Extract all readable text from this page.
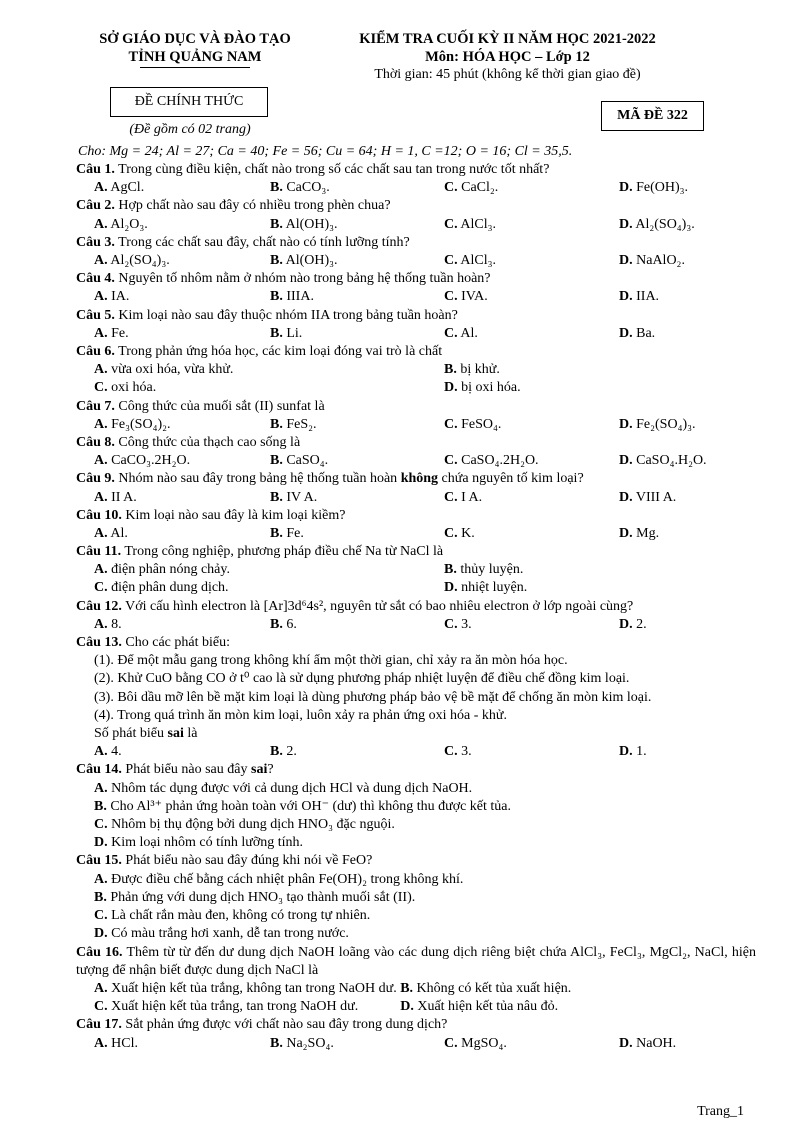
SỞ GIÁO DỤC VÀ ĐÀO TẠO
TỈNH QUẢNG NAM
ĐỀ CHÍNH THỨC
(Đề gồm có 02 trang)
KIỂM TRA CUỐI KỲ II NĂM HỌC 2021-2022
Môn: HÓA HỌC – Lớp 12
Thời gian: 45 phút (không kể thời gian giao đề)
MÃ ĐỀ 322
Cho: Mg = 24; Al = 27; Ca = 40; Fe = 56; Cu = 64; H = 1, C =12; O = 16; Cl = 35,5.
Câu 1. Trong cùng điều kiện, chất nào trong số các chất sau tan trong nước tốt nhất?
A. AgCl.	B. CaCO₃.	C. CaCl₂.	D. Fe(OH)₃.
Câu 2. Hợp chất nào sau đây có nhiều trong phèn chua?
A. Al₂O₃.	B. Al(OH)₃.	C. AlCl₃.	D. Al₂(SO₄)₃.
Câu 3. Trong các chất sau đây, chất nào có tính lưỡng tính?
A. Al₂(SO₄)₃.	B. Al(OH)₃.	C. AlCl₃.	D. NaAlO₂.
Câu 4. Nguyên tố nhôm nằm ở nhóm nào trong bảng hệ thống tuần hoàn?
A. IA.	B. IIIA.	C. IVA.	D. IIA.
Câu 5. Kim loại nào sau đây thuộc nhóm IIA trong bảng tuần hoàn?
A. Fe.	B. Li.	C. Al.	D. Ba.
Câu 6. Trong phản ứng hóa học, các kim loại đóng vai trò là chất
A. vừa oxi hóa, vừa khử.	B. bị khử.
C. oxi hóa.	D. bị oxi hóa.
Câu 7. Công thức của muối sắt (II) sunfat là
A. Fe₃(SO₄)₂.	B. FeS₂.	C. FeSO₄.	D. Fe₂(SO₄)₃.
Câu 8. Công thức của thạch cao sống là
A. CaCO₃.2H₂O.	B. CaSO₄.	C. CaSO₄.2H₂O.	D. CaSO₄.H₂O.
Câu 9. Nhóm nào sau đây trong bảng hệ thống tuần hoàn không chứa nguyên tố kim loại?
A. II A.	B. IV A.	C. I A.	D. VIII A.
Câu 10. Kim loại nào sau đây là kim loại kiềm?
A. Al.	B. Fe.	C. K.	D. Mg.
Câu 11. Trong công nghiệp, phương pháp điều chế Na từ NaCl là
A. điện phân nóng chảy.	B. thủy luyện.
C. điện phân dung dịch.	D. nhiệt luyện.
Câu 12. Với cấu hình electron là [Ar]3d⁶4s², nguyên tử sắt có bao nhiêu electron ở lớp ngoài cùng?
A. 8.	B. 6.	C. 3.	D. 2.
Câu 13. Cho các phát biểu:
(1). Để một mẫu gang trong không khí ẩm một thời gian, chỉ xảy ra ăn mòn hóa học.
(2). Khử CuO bằng CO ở t⁰ cao là sử dụng phương pháp nhiệt luyện để điều chế đồng kim loại.
(3). Bôi dầu mỡ lên bề mặt kim loại là dùng phương pháp bảo vệ bề mặt để chống ăn mòn kim loại.
(4). Trong quá trình ăn mòn kim loại, luôn xảy ra phản ứng oxi hóa - khử.
Số phát biểu sai là
A. 4.	B. 2.	C. 3.	D. 1.
Câu 14. Phát biểu nào sau đây sai?
A. Nhôm tác dụng được với cả dung dịch HCl và dung dịch NaOH.
B. Cho Al³⁺ phản ứng hoàn toàn với OH⁻ (dư) thì không thu được kết tủa.
C. Nhôm bị thụ động bởi dung dịch HNO₃ đặc nguội.
D. Kim loại nhôm có tính lưỡng tính.
Câu 15. Phát biểu nào sau đây đúng khi nói về FeO?
A. Được điều chế bằng cách nhiệt phân Fe(OH)₂ trong không khí.
B. Phản ứng với dung dịch HNO₃ tạo thành muối sắt (II).
C. Là chất rắn màu đen, không có trong tự nhiên.
D. Có màu trắng hơi xanh, dễ tan trong nước.
Câu 16. Thêm từ từ đến dư dung dịch NaOH loãng vào các dung dịch riêng biệt chứa AlCl₃, FeCl₃, MgCl₂, NaCl, hiện tượng để nhận biết được dung dịch NaCl là
A. Xuất hiện kết tủa trắng, không tan trong NaOH dư. B. Không có kết tủa xuất hiện.
C. Xuất hiện kết tủa trắng, tan trong NaOH dư.	D. Xuất hiện kết tủa nâu đỏ.
Câu 17. Sắt phản ứng được với chất nào sau đây trong dung dịch?
A. HCl.	B. Na₂SO₄.	C. MgSO₄.	D. NaOH.
Trang_1
